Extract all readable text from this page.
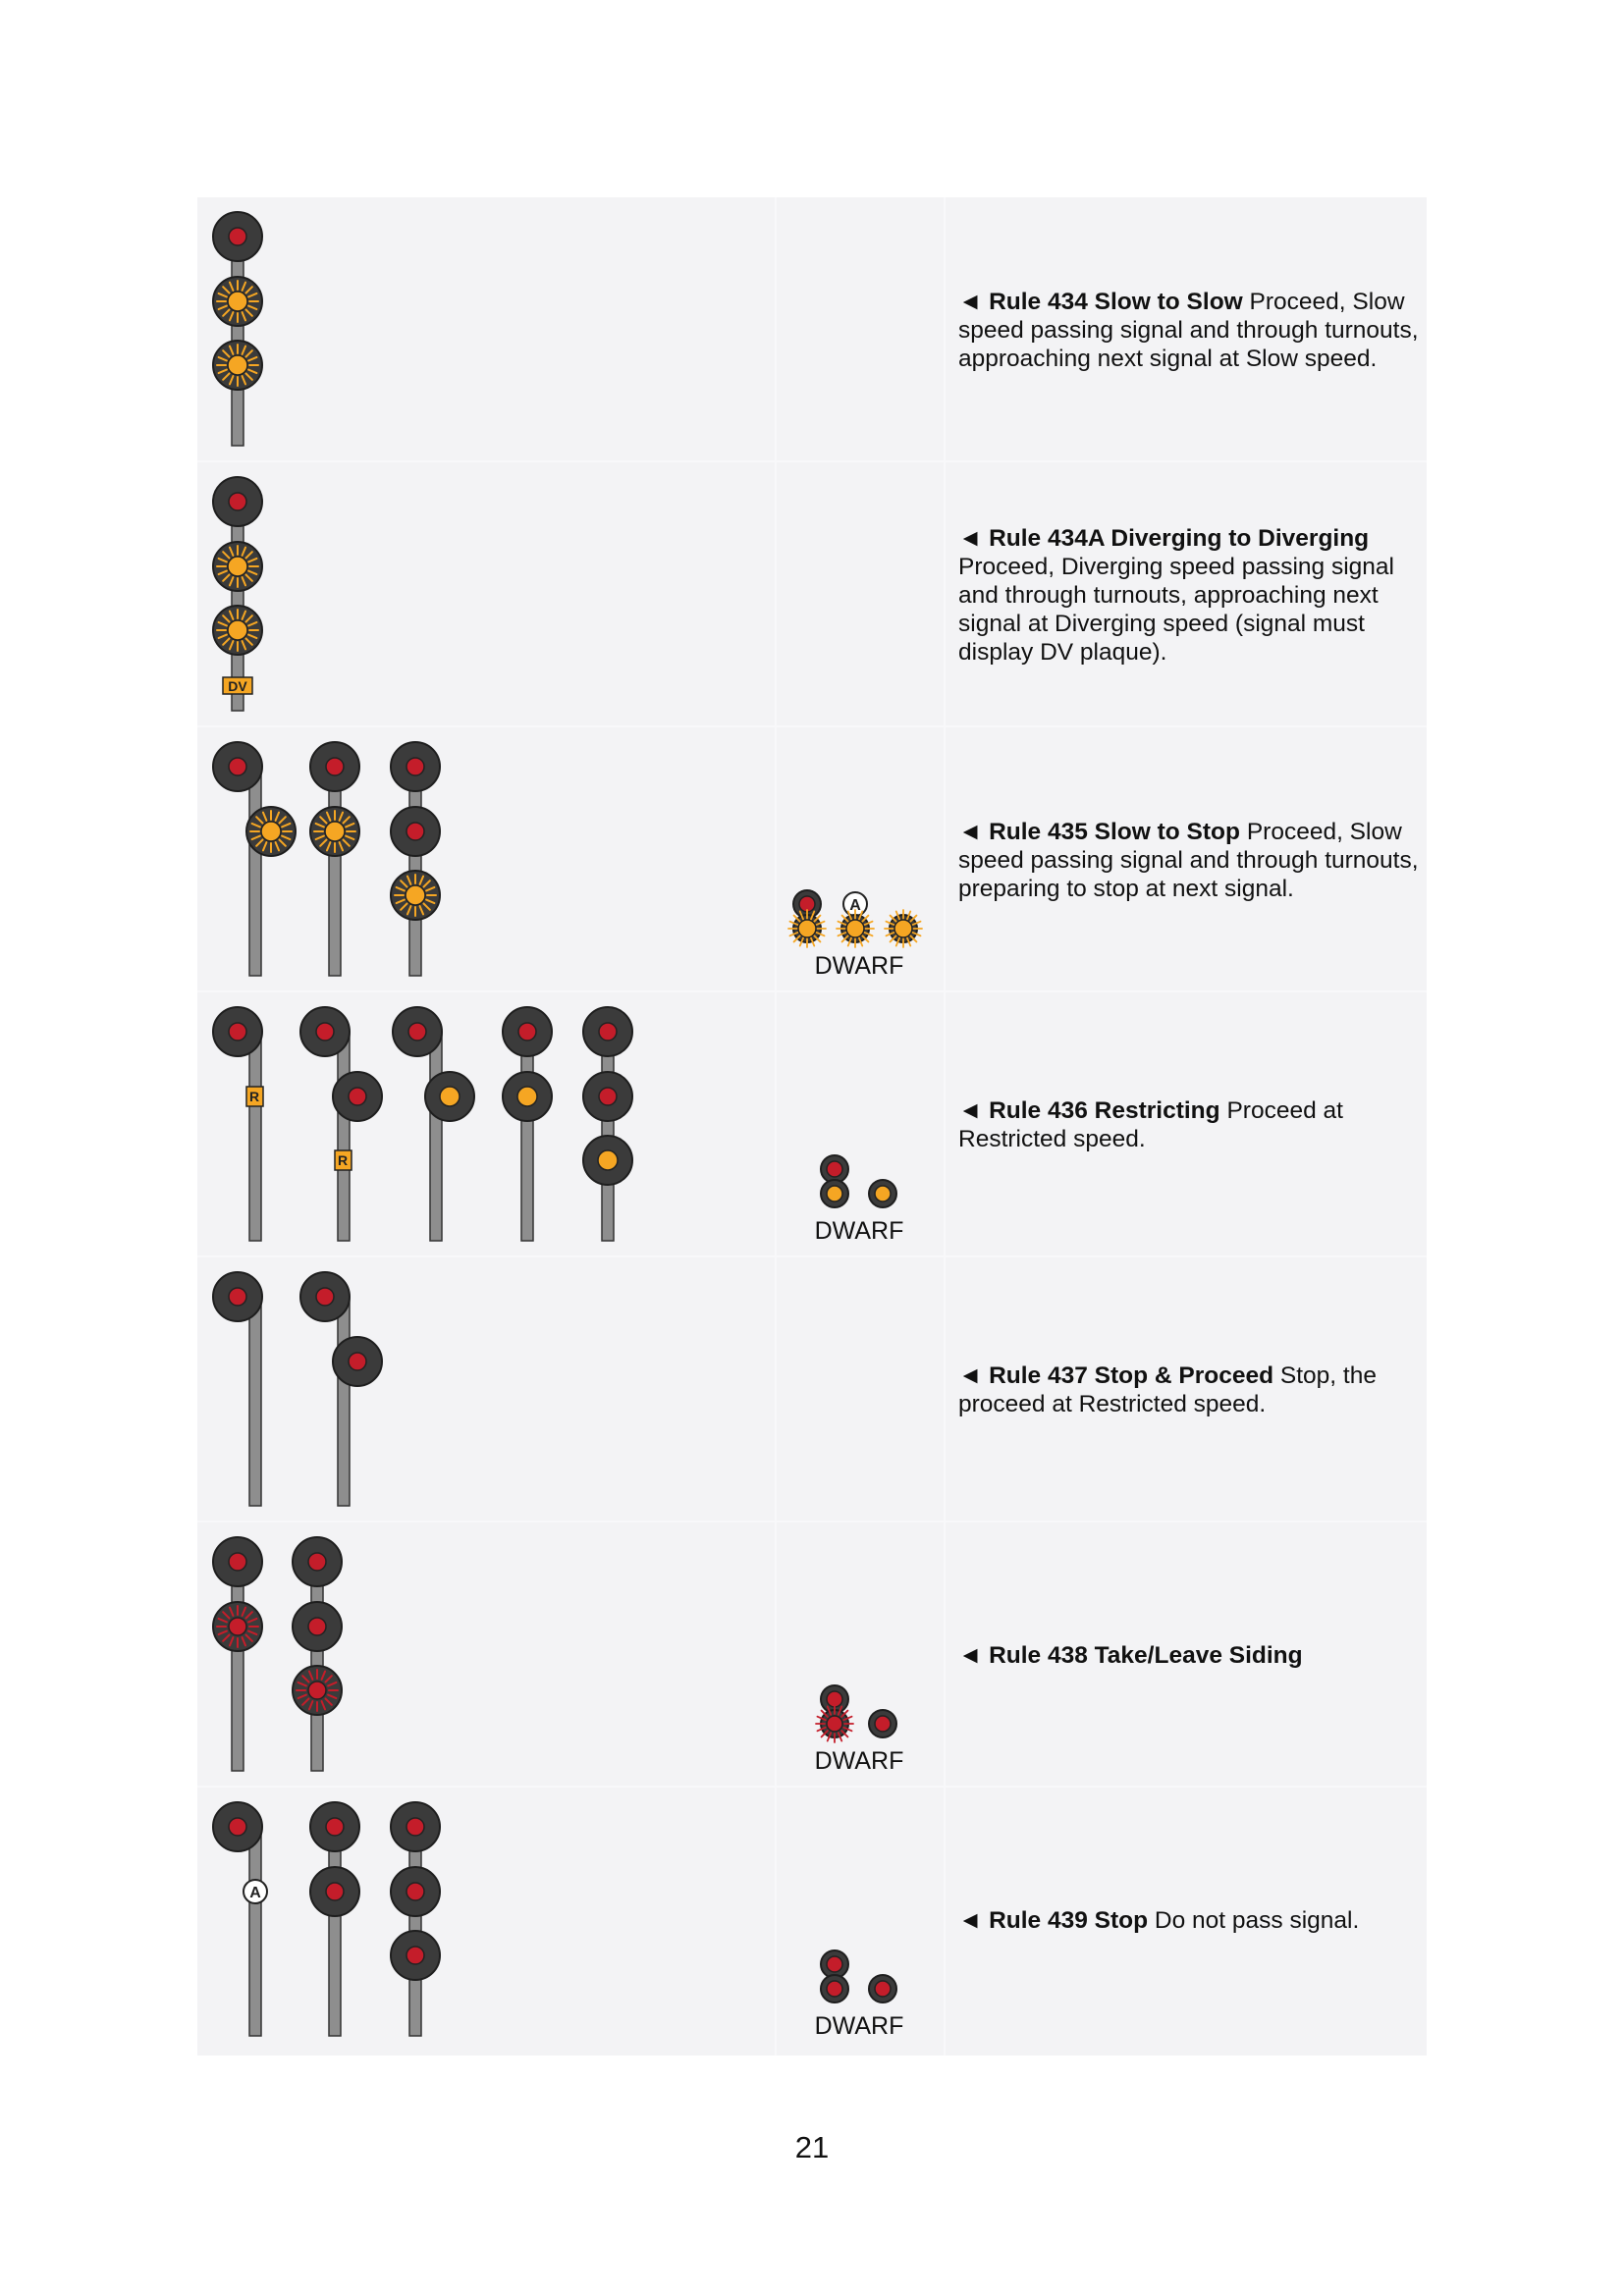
◄ Rule 434 Slow to Slow Proceed, Slow speed passing signal and through turnouts, approaching next signal at Slow speed.

◄ Rule 434A Diverging to Diverging
Proceed, Diverging speed passing signal and through turnouts, approaching next signal at Diverging speed (signal must display DV plaque).

DV

◄ Rule 435 Slow to Stop Proceed, Slow speed passing signal and through turnouts, preparing to stop at next signal.

A
DWARF

◄ Rule 436 Restricting Proceed at Restricted speed.

R
R
DWARF

◄ Rule 437 Stop & Proceed Stop, the proceed at Restricted speed.

◄ Rule 438 Take/Leave Siding

DWARF

◄ Rule 439 Stop Do not pass signal.

A
DWARF
21
